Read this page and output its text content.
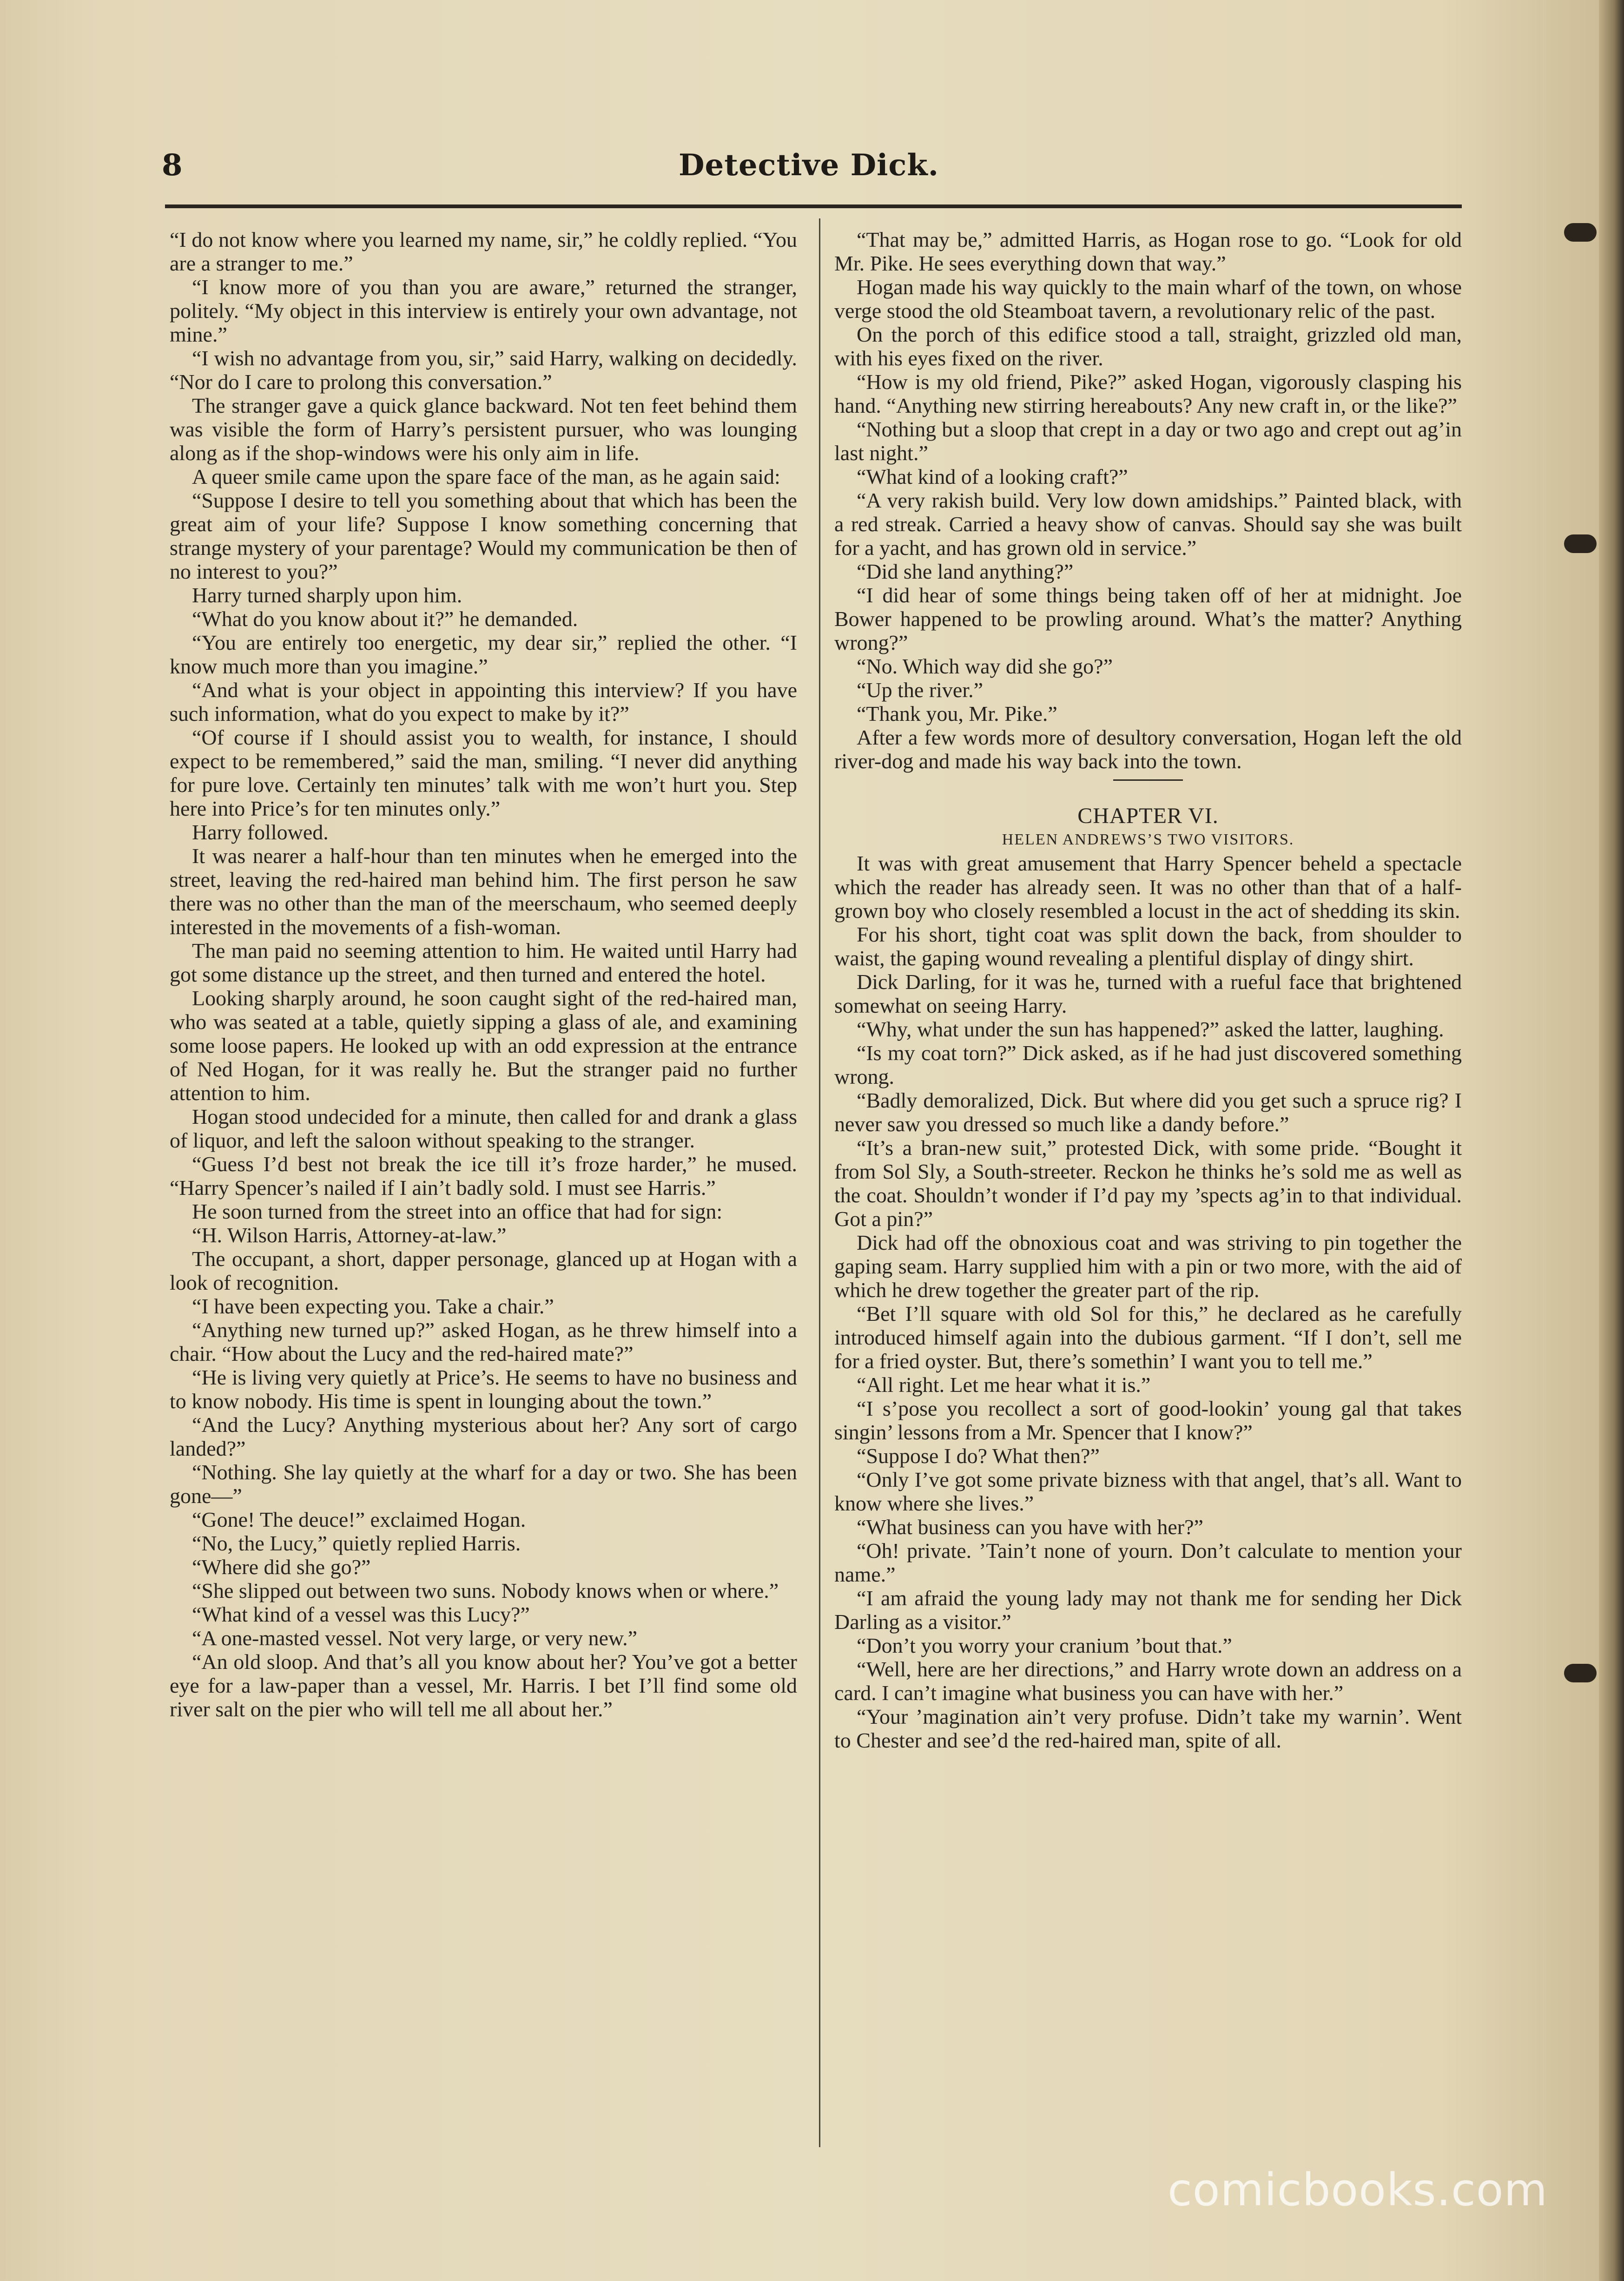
8	Detective Dick.

“I do not know where you learned my name, sir,” he coldly replied. “You are a stranger to me.”

“I know more of you than you are aware,” returned the stranger, politely. “My object in this interview is entirely your own advantage, not mine.”

“I wish no advantage from you, sir,” said Harry, walking on decidedly. “Nor do I care to prolong this conversation.”

The stranger gave a quick glance backward. Not ten feet behind them was visible the form of Harry’s persistent pursuer, who was lounging along as if the shop-windows were his only aim in life.

A queer smile came upon the spare face of the man, as he again said:

“Suppose I desire to tell you something about that which has been the great aim of your life? Suppose I know something concerning that strange mystery of your parentage? Would my communication be then of no interest to you?”

Harry turned sharply upon him.

“What do you know about it?” he demanded.

“You are entirely too energetic, my dear sir,” replied the other. “I know much more than you imagine.”

“And what is your object in appointing this interview? If you have such information, what do you expect to make by it?”

“Of course if I should assist you to wealth, for instance, I should expect to be remembered,” said the man, smiling. “I never did anything for pure love. Certainly ten minutes’ talk with me won’t hurt you. Step here into Price’s for ten minutes only.”

Harry followed.

It was nearer a half-hour than ten minutes when he emerged into the street, leaving the red-haired man behind him. The first person he saw there was no other than the man of the meerschaum, who seemed deeply interested in the movements of a fish-woman.

The man paid no seeming attention to him. He waited until Harry had got some distance up the street, and then turned and entered the hotel.

Looking sharply around, he soon caught sight of the red-haired man, who was seated at a table, quietly sipping a glass of ale, and examining some loose papers. He looked up with an odd expression at the entrance of Ned Hogan, for it was really he. But the stranger paid no further attention to him.

Hogan stood undecided for a minute, then called for and drank a glass of liquor, and left the saloon without speaking to the stranger.

“Guess I’d best not break the ice till it’s froze harder,” he mused. “Harry Spencer’s nailed if I ain’t badly sold. I must see Harris.”

He soon turned from the street into an office that had for sign:

“H. Wilson Harris, Attorney-at-law.”

The occupant, a short, dapper personage, glanced up at Hogan with a look of recognition.

“I have been expecting you. Take a chair.”

“Anything new turned up?” asked Hogan, as he threw himself into a chair. “How about the Lucy and the red-haired mate?”

“He is living very quietly at Price’s. He seems to have no business and to know nobody. His time is spent in lounging about the town.”

“And the Lucy? Anything mysterious about her? Any sort of cargo landed?”

“Nothing. She lay quietly at the wharf for a day or two. She has been gone—”

“Gone! The deuce!” exclaimed Hogan.

“No, the Lucy,” quietly replied Harris.

“Where did she go?”

“She slipped out between two suns. Nobody knows when or where.”

“What kind of a vessel was this Lucy?”

“A one-masted vessel. Not very large, or very new.”

“An old sloop. And that’s all you know about her? You’ve got a better eye for a law-paper than a vessel, Mr. Harris. I bet I’ll find some old river salt on the pier who will tell me all about her.”

“That may be,” admitted Harris, as Hogan rose to go. “Look for old Mr. Pike. He sees everything down that way.”

Hogan made his way quickly to the main wharf of the town, on whose verge stood the old Steamboat tavern, a revolutionary relic of the past.

On the porch of this edifice stood a tall, straight, grizzled old man, with his eyes fixed on the river.

“How is my old friend, Pike?” asked Hogan, vigorously clasping his hand. “Anything new stirring hereabouts? Any new craft in, or the like?”

“Nothing but a sloop that crept in a day or two ago and crept out ag’in last night.”

“What kind of a looking craft?”

“A very rakish build. Very low down amidships.” Painted black, with a red streak. Carried a heavy show of canvas. Should say she was built for a yacht, and has grown old in service.”

“Did she land anything?”

“I did hear of some things being taken off of her at midnight. Joe Bower happened to be prowling around. What’s the matter? Anything wrong?”

“No. Which way did she go?”

“Up the river.”

“Thank you, Mr. Pike.”

After a few words more of desultory conversation, Hogan left the old river-dog and made his way back into the town.

CHAPTER VI.

HELEN ANDREWS’S TWO VISITORS.

It was with great amusement that Harry Spencer beheld a spectacle which the reader has already seen. It was no other than that of a half-grown boy who closely resembled a locust in the act of shedding its skin.

For his short, tight coat was split down the back, from shoulder to waist, the gaping wound revealing a plentiful display of dingy shirt.

Dick Darling, for it was he, turned with a rueful face that brightened somewhat on seeing Harry.

“Why, what under the sun has happened?” asked the latter, laughing.

“Is my coat torn?” Dick asked, as if he had just discovered something wrong.

“Badly demoralized, Dick. But where did you get such a spruce rig? I never saw you dressed so much like a dandy before.”

“It’s a bran-new suit,” protested Dick, with some pride. “Bought it from Sol Sly, a South-streeter. Reckon he thinks he’s sold me as well as the coat. Shouldn’t wonder if I’d pay my ’spects ag’in to that individual. Got a pin?”

Dick had off the obnoxious coat and was striving to pin together the gaping seam. Harry supplied him with a pin or two more, with the aid of which he drew together the greater part of the rip.

“Bet I’ll square with old Sol for this,” he declared as he carefully introduced himself again into the dubious garment. “If I don’t, sell me for a fried oyster. But, there’s somethin’ I want you to tell me.”

“All right. Let me hear what it is.”

“I s’pose you recollect a sort of good-lookin’ young gal that takes singin’ lessons from a Mr. Spencer that I know?”

“Suppose I do? What then?”

“Only I’ve got some private bizness with that angel, that’s all. Want to know where she lives.”

“What business can you have with her?”

“Oh! private. ’Tain’t none of yourn. Don’t calculate to mention your name.”

“I am afraid the young lady may not thank me for sending her Dick Darling as a visitor.”

“Don’t you worry your cranium ’bout that.”

“Well, here are her directions,” and Harry wrote down an address on a card. I can’t imagine what business you can have with her.”

“Your ’magination ain’t very profuse. Didn’t take my warnin’. Went to Chester and see’d the red-haired man, spite of all.

comicbooks.com
